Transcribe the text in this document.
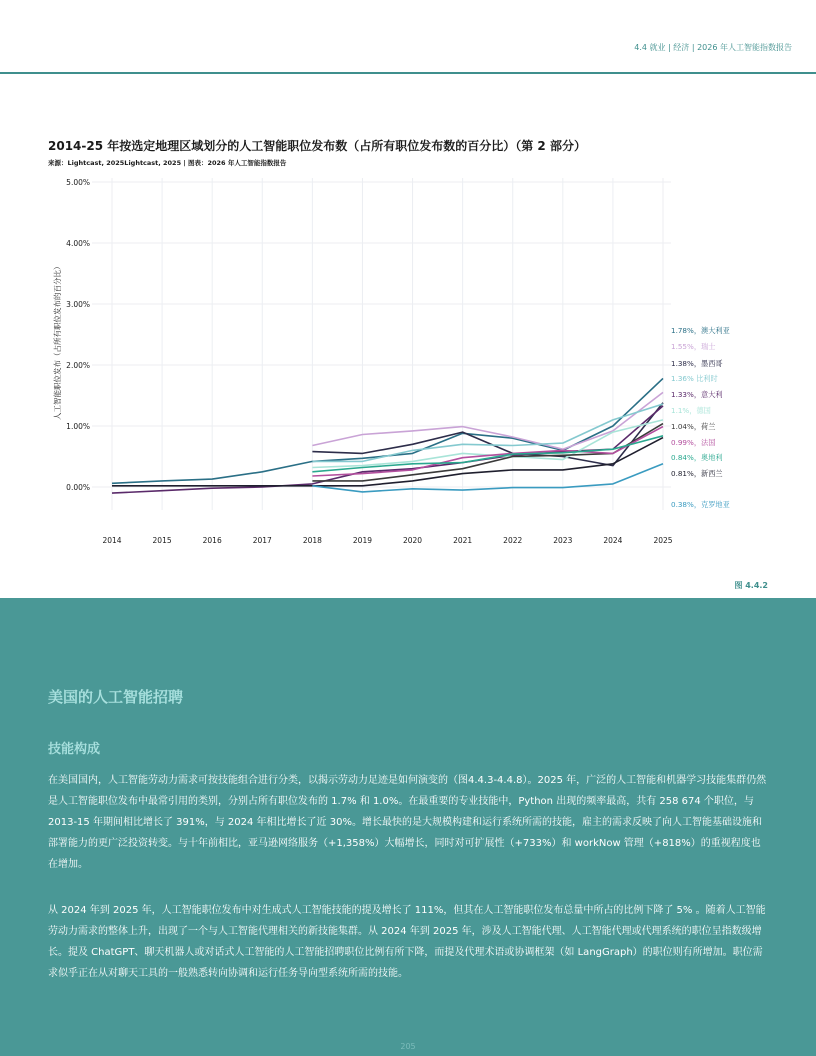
4.4 就业 | 经济 | 2026 年人工智能指数报告
2014-25 年按选定地理区域划分的人工智能职位发布数（占所有职位发布数的百分比）（第 2 部分）
来源：Lightcast, 2025Lightcast, 2025 | 图表：2026 年人工智能指数报告
0.00%
1.00%
2.00%
3.00%
4.00%
5.00%
2014	2015	2016	2017	2018	2019	2020	2021	2022	2023	2024	2025
1.78%，澳大利亚
1.55%，瑞士
1.38%，墨西哥
1.36% 比利时
1.33%，意大利
1.1%，德国
1.04%，荷兰
0.99%，法国
0.84%，奥地利
0.81%，新西兰
0.38%，克罗地亚
人工智能职位发布（占所有职位发布的百分比）
图 4.4.2
美国的人工智能招聘
技能构成
在美国国内，人工智能劳动力需求可按技能组合进行分类，以揭示劳动力足迹是如何演变的（图4.4.3-4.4.8）。2025 年，广泛的人工智能和机器学习技能集群仍然是人工智能职位发布中最常引用的类别，分别占所有职位发布的 1.7% 和 1.0%。在最重要的专业技能中，Python 出现的频率最高，共有 258 674 个职位，与 2013-15 年期间相比增长了 391%，与 2024 年相比增长了近 30%。增长最快的是大规模构建和运行系统所需的技能，雇主的需求反映了向人工智能基础设施和部署能力的更广泛投资转变。与十年前相比，亚马逊网络服务（+1,358%）大幅增长，同时对可扩展性（+733%）和 workNow 管理（+818%）的重视程度也在增加。
从 2024 年到 2025 年，人工智能职位发布中对生成式人工智能技能的提及增长了 111%，但其在人工智能职位发布总量中所占的比例下降了 5% 。随着人工智能劳动力需求的整体上升，出现了一个与人工智能代理相关的新技能集群。从 2024 年到 2025 年，涉及人工智能代理、人工智能代理或代理系统的职位呈指数级增长。提及 ChatGPT、聊天机器人或对话式人工智能的人工智能招聘职位比例有所下降，而提及代理术语或协调框架（如 LangGraph）的职位则有所增加。职位需求似乎正在从对聊天工具的一般熟悉转向协调和运行任务导向型系统所需的技能。
205
